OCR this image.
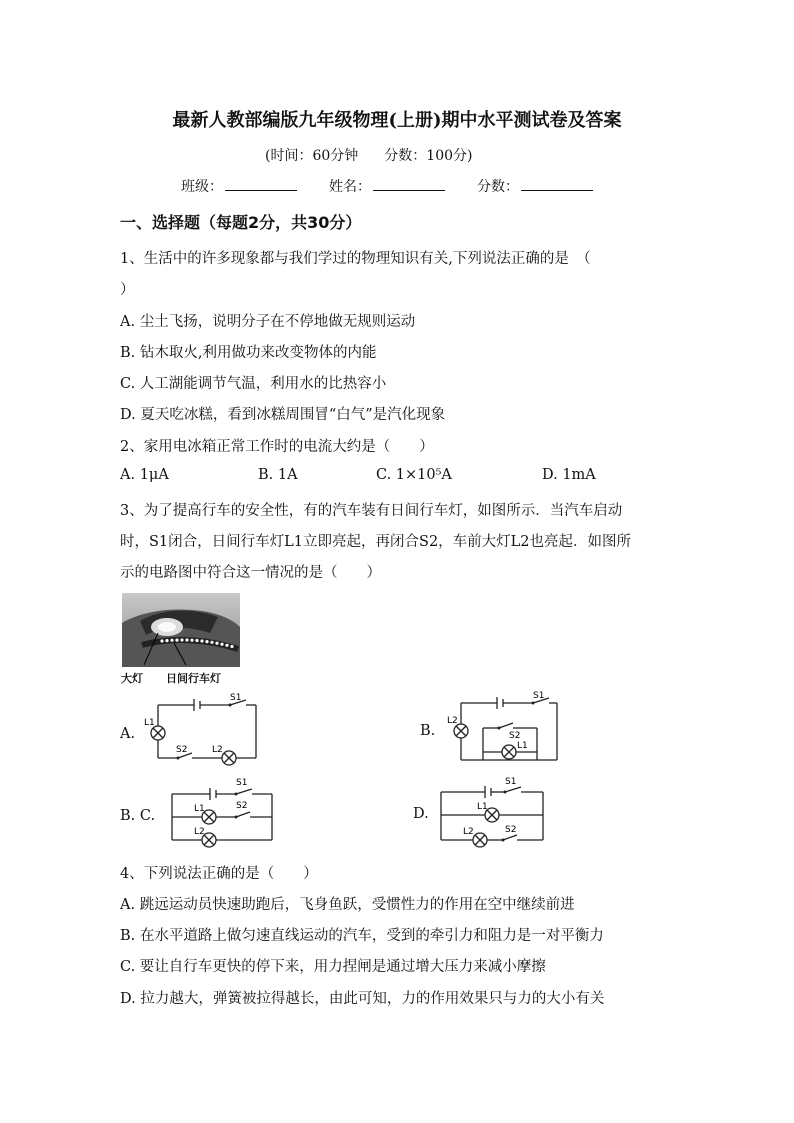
最新人教部编版九年级物理(上册)期中水平测试卷及答案
(时间：60分钟 分数：100分)
班级：	姓名：	分数：
一、选择题（每题2分，共30分）
1、生活中的许多现象都与我们学过的物理知识有关,下列说法正确的是　（
）
A. 尘土飞扬，说明分子在不停地做无规则运动
B. 钻木取火,利用做功来改变物体的内能
C. 人工湖能调节气温，利用水的比热容小
D. 夏天吃冰糕，看到冰糕周围冒“白气”是汽化现象
2、家用电冰箱正常工作时的电流大约是（　　）
A. 1μA	B. 1A	C. 1×10⁵A	D. 1mA
3、为了提高行车的安全性，有的汽车装有日间行车灯，如图所示．当汽车启动
时，S1闭合，日间行车灯L1立即亮起，再闭合S2，车前大灯L2也亮起．如图所
示的电路图中符合这一情况的是（　　）
大灯 日间行车灯
A.	B.
B. C.	D.
S1
L1
S2	L2
S1
L2
S2
L1
S1
L1	S2
L2
S1
L1
S2
L2
4、下列说法正确的是（　　）
A. 跳远运动员快速助跑后，飞身鱼跃，受惯性力的作用在空中继续前进
B. 在水平道路上做匀速直线运动的汽车，受到的牵引力和阻力是一对平衡力
C. 要让自行车更快的停下来，用力捏闸是通过增大压力来减小摩擦
D. 拉力越大，弹簧被拉得越长，由此可知，力的作用效果只与力的大小有关
